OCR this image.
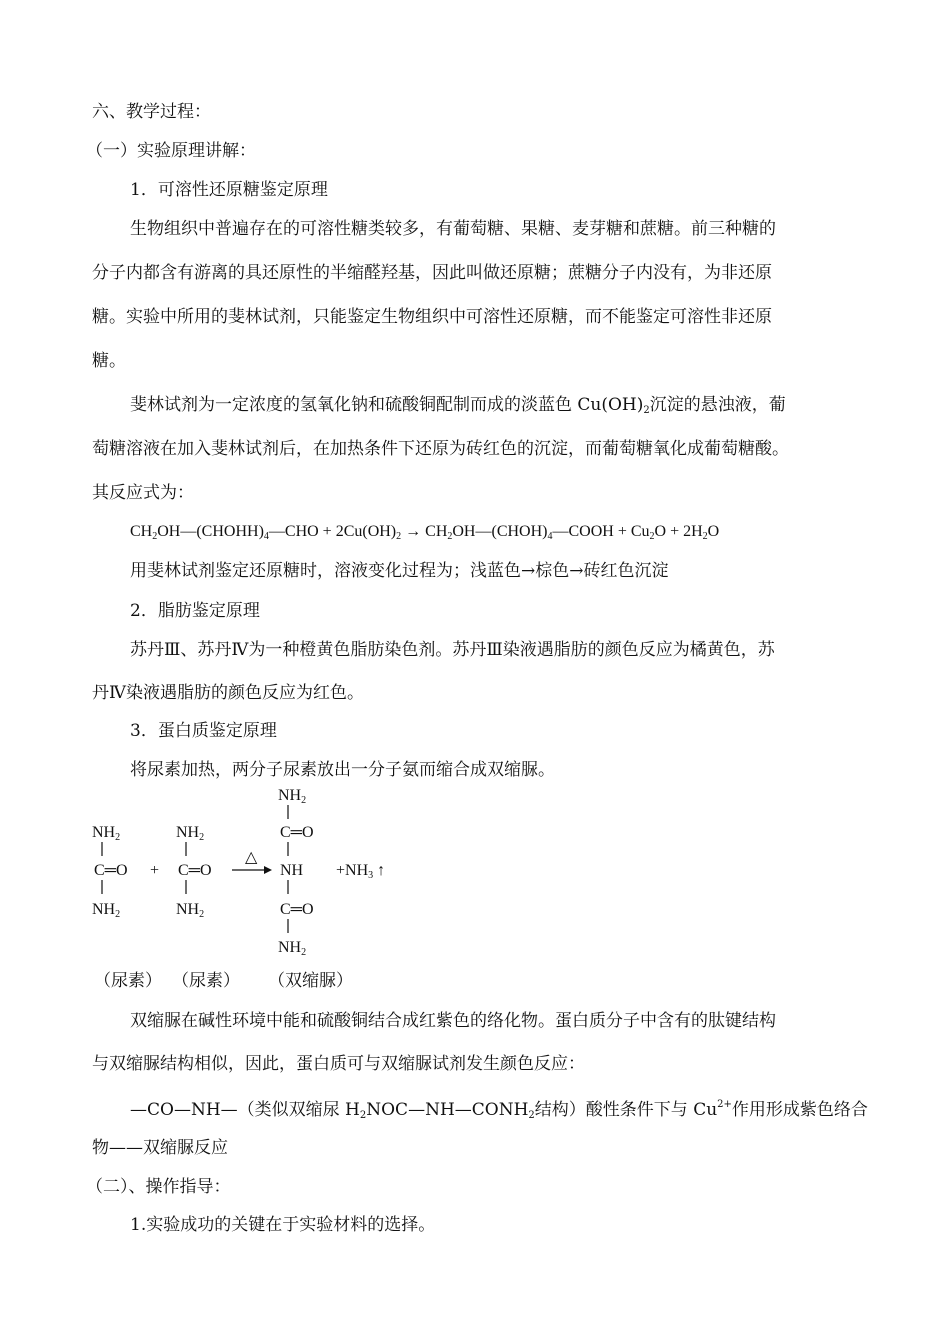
六、教学过程：
（一）实验原理讲解：
1．可溶性还原糖鉴定原理
生物组织中普遍存在的可溶性糖类较多，有葡萄糖、果糖、麦芽糖和蔗糖。前三种糖的
分子内都含有游离的具还原性的半缩醛羟基，因此叫做还原糖；蔗糖分子内没有，为非还原
糖。实验中所用的斐林试剂，只能鉴定生物组织中可溶性还原糖，而不能鉴定可溶性非还原
糖。
斐林试剂为一定浓度的氢氧化钠和硫酸铜配制而成的淡蓝色 $Cu(OH)_2$沉淀的悬浊液，葡
萄糖溶液在加入斐林试剂后，在加热条件下还原为砖红色的沉淀，而葡萄糖氧化成葡萄糖酸。
其反应式为：
$CH_2OH—(CHOHH)_4—CHO + 2Cu(OH)_2$ → $CH_2OH—(CHOH)_4—COOH + Cu_2O + 2H_2O$
用斐林试剂鉴定还原糖时，溶液变化过程为；浅蓝色→棕色→砖红色沉淀
2．脂肪鉴定原理
苏丹Ⅲ、苏丹Ⅳ为一种橙黄色脂肪染色剂。苏丹Ⅲ染液遇脂肪的颜色反应为橘黄色，苏
丹Ⅳ染液遇脂肪的颜色反应为红色。
3．蛋白质鉴定原理
将尿素加热，两分子尿素放出一分子氨而缩合成双缩脲。
NH2
C═O
NH2
+
NH2
C═O
NH2
△
NH2
C═O
NH
C═O
NH2
+NH3 ↑
（尿素） （尿素） （双缩脲）
双缩脲在碱性环境中能和硫酸铜结合成红紫色的络化物。蛋白质分子中含有的肽键结构
与双缩脲结构相似，因此，蛋白质可与双缩脲试剂发生颜色反应：
—CO—NH—（类似双缩尿 $H_2NOC—NH—CONH_2$结构）酸性条件下与 $Cu^{2+}$作用形成紫色络合
物——双缩脲反应
（二）、操作指导：
1.实验成功的关键在于实验材料的选择。
